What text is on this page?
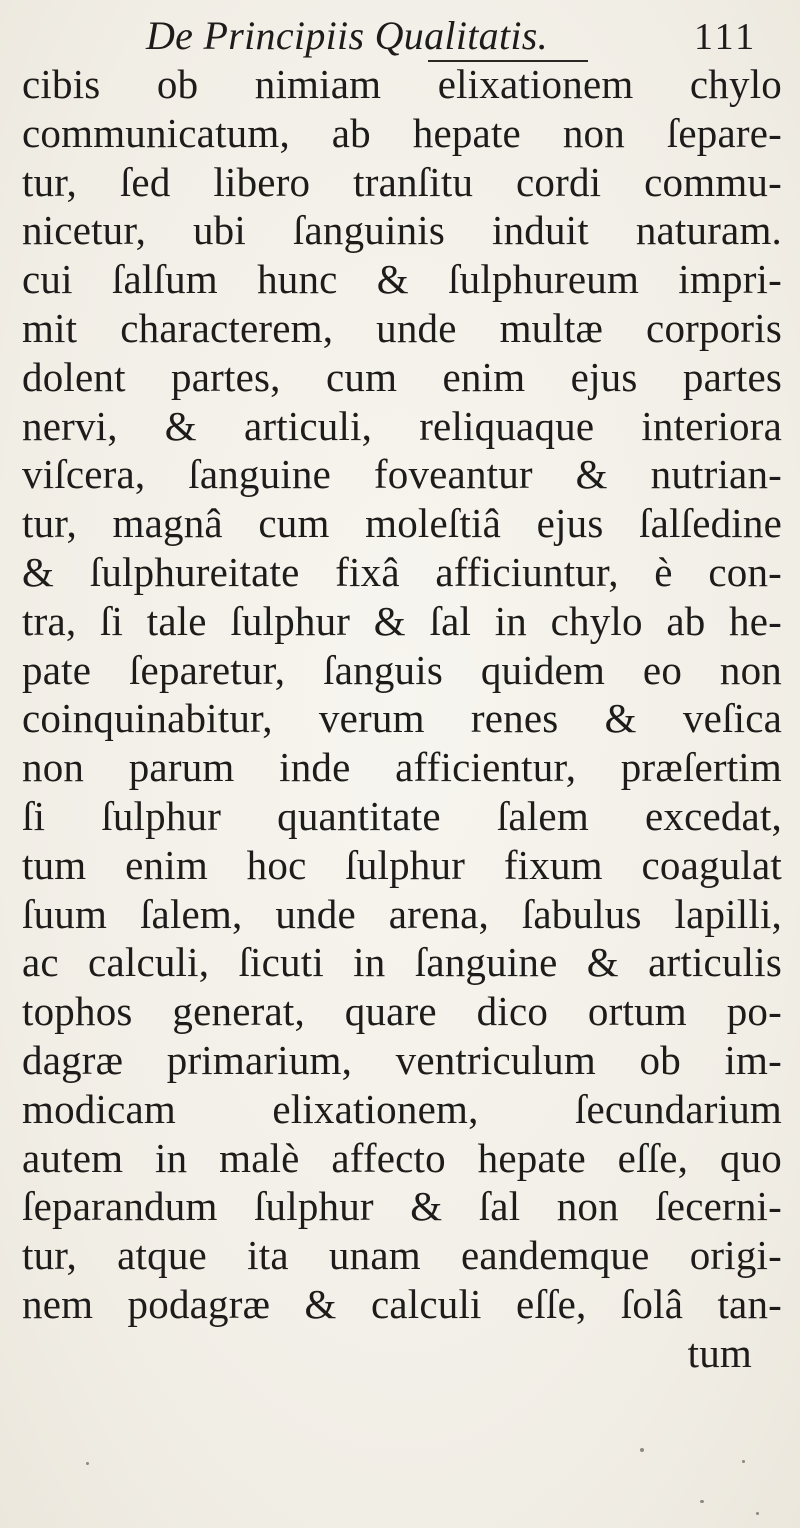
De Principiis Qualitatis.	111
cibis ob nimiam elixationem chylo
communicatum, ab hepate non ſepare-
tur, ſed libero tranſitu cordi commu-
nicetur, ubi ſanguinis induit naturam.
cui ſalſum hunc & ſulphureum impri-
mit characterem, unde multæ corporis
dolent partes, cum enim ejus partes
nervi, & articuli, reliquaque interiora
viſcera, ſanguine foveantur & nutrian-
tur, magnâ cum moleſtiâ ejus ſalſedine
& ſulphureitate fixâ afficiuntur, è con-
tra, ſi tale ſulphur & ſal in chylo ab he-
pate ſeparetur, ſanguis quidem eo non
coinquinabitur, verum renes & veſica
non parum inde afficientur, præſertim
ſi ſulphur quantitate ſalem excedat,
tum enim hoc ſulphur fixum coagulat
ſuum ſalem, unde arena, ſabulus lapilli,
ac calculi, ſicuti in ſanguine & articulis
tophos generat, quare dico ortum po-
dagræ primarium, ventriculum ob im-
modicam elixationem, ſecundarium
autem in malè affecto hepate eſſe, quo
ſeparandum ſulphur & ſal non ſecerni-
tur, atque ita unam eandemque origi-
nem podagræ & calculi eſſe, ſolâ tan-
tum
